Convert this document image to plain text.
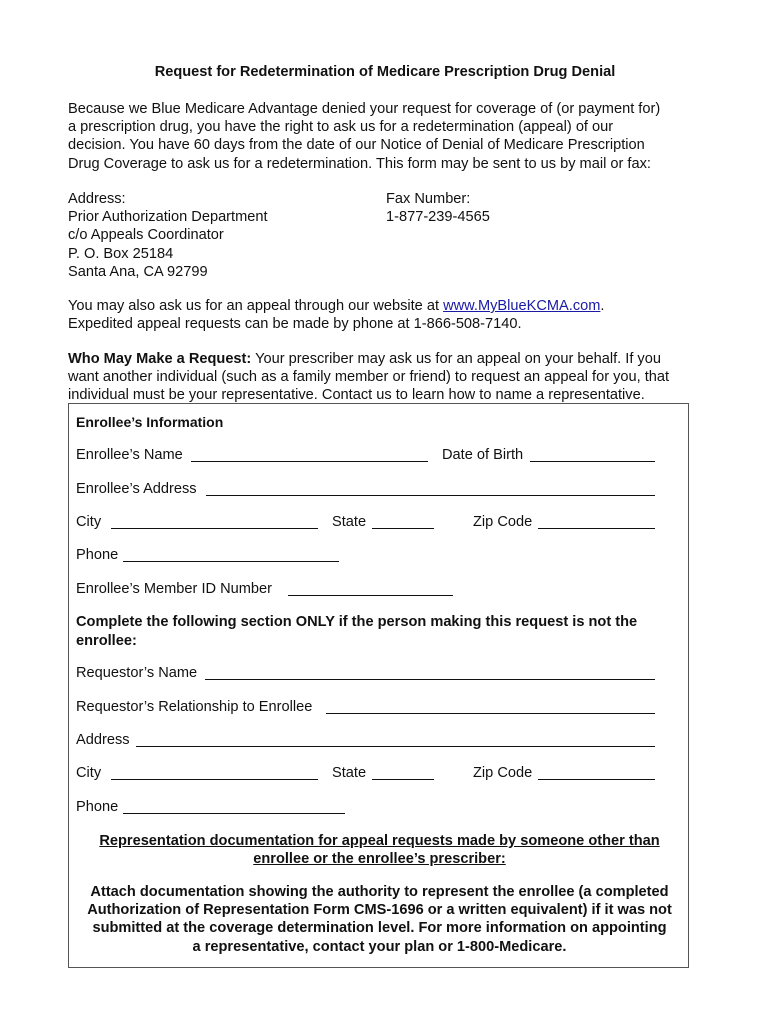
Request for Redetermination of Medicare Prescription Drug Denial
Because we Blue Medicare Advantage denied your request for coverage of (or payment for)
a prescription drug, you have the right to ask us for a redetermination (appeal) of our
decision. You have 60 days from the date of our Notice of Denial of Medicare Prescription
Drug Coverage to ask us for a redetermination. This form may be sent to us by mail or fax:
Address:
Prior Authorization Department
c/o Appeals Coordinator
P. O. Box 25184
Santa Ana, CA 92799
Fax Number:
1-877-239-4565
You may also ask us for an appeal through our website at www.MyBlueKCMA.com.
Expedited appeal requests can be made by phone at 1-866-508-7140.
Who May Make a Request: Your prescriber may ask us for an appeal on your behalf. If you
want another individual (such as a family member or friend) to request an appeal for you, that
individual must be your representative. Contact us to learn how to name a representative.
Enrollee’s Information
Enrollee’s Name	Date of Birth
Enrollee’s Address
City	State	Zip Code
Phone
Enrollee’s Member ID Number
Complete the following section ONLY if the person making this request is not the
enrollee:
Requestor’s Name
Requestor’s Relationship to Enrollee
Address
City	State	Zip Code
Phone
Representation documentation for appeal requests made by someone other than
enrollee or the enrollee’s prescriber:
Attach documentation showing the authority to represent the enrollee (a completed
Authorization of Representation Form CMS-1696 or a written equivalent) if it was not
submitted at the coverage determination level. For more information on appointing
a representative, contact your plan or 1-800-Medicare.
